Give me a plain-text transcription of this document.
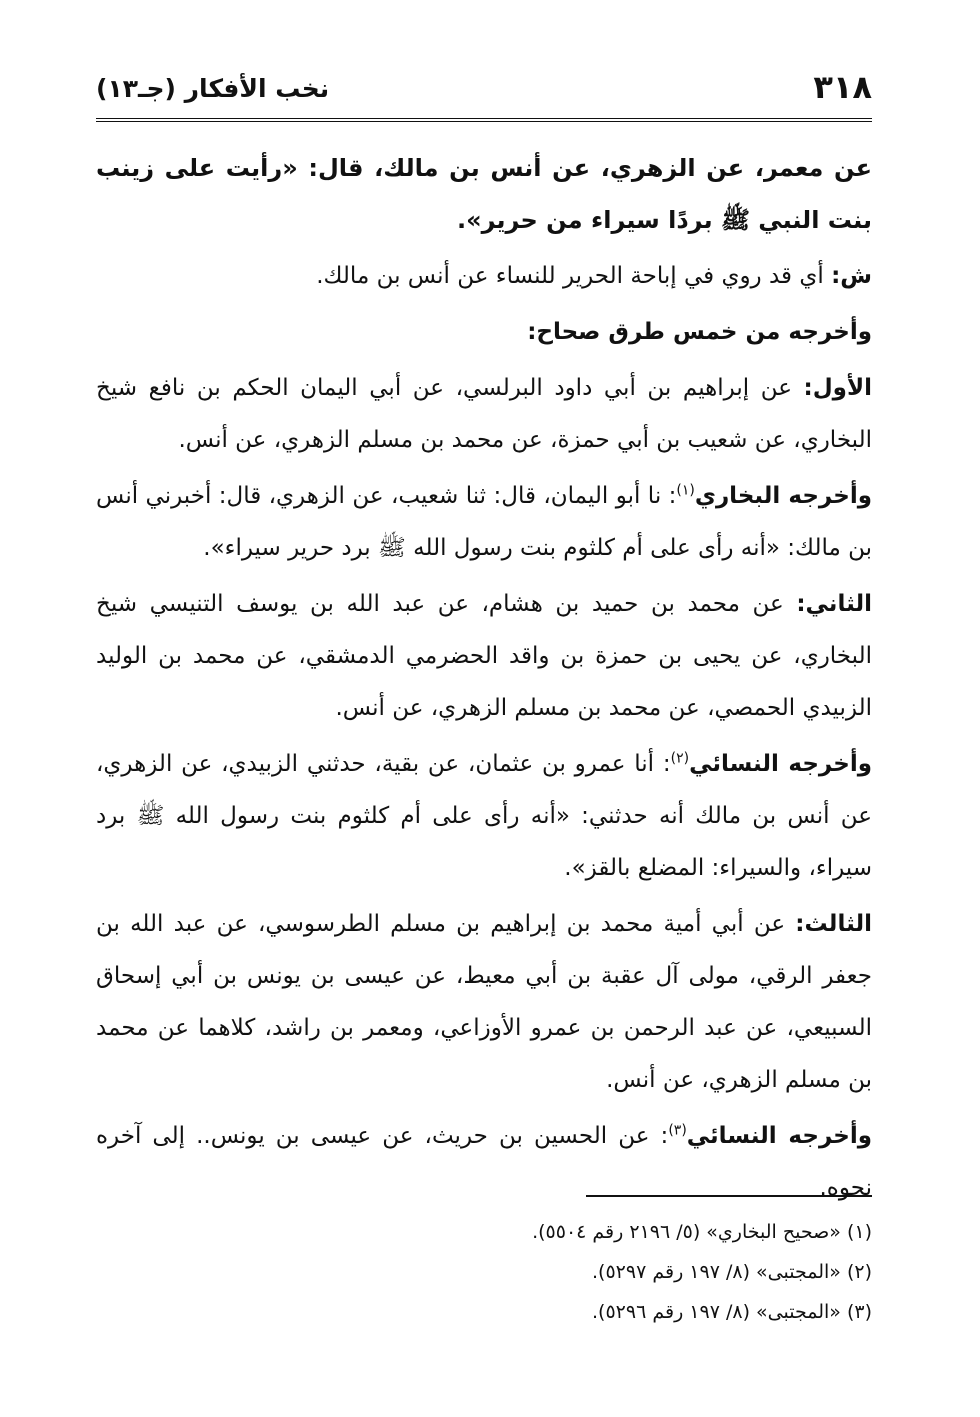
٣١٨
نخب الأفكار (جـ١٣)

عن معمر، عن الزهري، عن أنس بن مالك، قال: «رأيت على زينب بنت النبي ﷺ بردًا سيراء من حرير».

ش: أي قد روي في إباحة الحرير للنساء عن أنس بن مالك.

وأخرجه من خمس طرق صحاح:

الأول: عن إبراهيم بن أبي داود البرلسي، عن أبي اليمان الحكم بن نافع شيخ البخاري، عن شعيب بن أبي حمزة، عن محمد بن مسلم الزهري، عن أنس.

وأخرجه البخاري$^{(١)}$: نا أبو اليمان، قال: ثنا شعيب، عن الزهري، قال: أخبرني أنس بن مالك: «أنه رأى على أم كلثوم بنت رسول الله ﷺ برد حرير سيراء».

الثاني: عن محمد بن حميد بن هشام، عن عبد الله بن يوسف التنيسي شيخ البخاري، عن يحيى بن حمزة بن واقد الحضرمي الدمشقي، عن محمد بن الوليد الزبيدي الحمصي، عن محمد بن مسلم الزهري، عن أنس.

وأخرجه النسائي$^{(٢)}$: أنا عمرو بن عثمان، عن بقية، حدثني الزبيدي، عن الزهري، عن أنس بن مالك أنه حدثني: «أنه رأى على أم كلثوم بنت رسول الله ﷺ برد سيراء، والسيراء: المضلع بالقز».

الثالث: عن أبي أمية محمد بن إبراهيم بن مسلم الطرسوسي، عن عبد الله بن جعفر الرقي، مولى آل عقبة بن أبي معيط، عن عيسى بن يونس بن أبي إسحاق السبيعي، عن عبد الرحمن بن عمرو الأوزاعي، ومعمر بن راشد، كلاهما عن محمد بن مسلم الزهري، عن أنس.

وأخرجه النسائي$^{(٣)}$: عن الحسين بن حريث، عن عيسى بن يونس.. إلى آخره نحوه.

(١) «صحيح البخاري» (٥/ ٢١٩٦ رقم ٥٥٠٤).

(٢) «المجتبى» (٨/ ١٩٧ رقم ٥٢٩٧).

(٣) «المجتبى» (٨/ ١٩٧ رقم ٥٢٩٦).
